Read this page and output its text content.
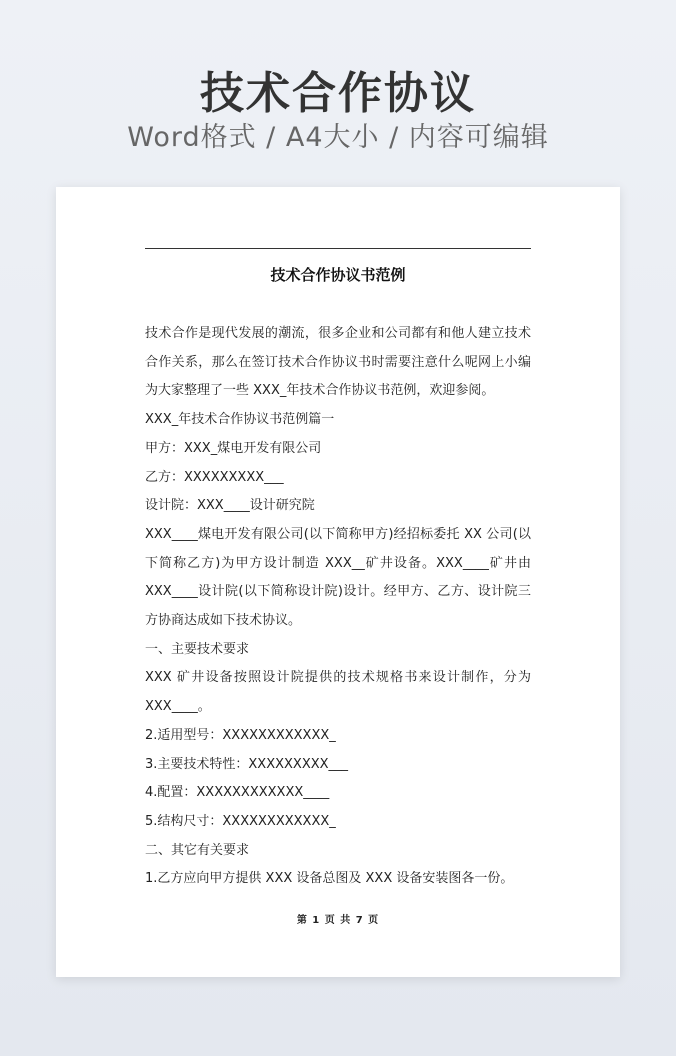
技术合作协议
Word格式 / A4大小 / 内容可编辑
技术合作协议书范例

技术合作是现代发展的潮流，很多企业和公司都有和他人建立技术合作关系，那么在签订技术合作协议书时需要注意什么呢网上小编为大家整理了一些 XXX_年技术合作协议书范例，欢迎参阅。

XXX_年技术合作协议书范例篇一

甲方：XXX_煤电开发有限公司

乙方：XXXXXXXXX___

设计院：XXX____设计研究院

XXX____煤电开发有限公司(以下简称甲方)经招标委托 XX 公司(以下简称乙方)为甲方设计制造 XXX__矿井设备。XXX____矿井由 XXX____设计院(以下简称设计院)设计。经甲方、乙方、设计院三方协商达成如下技术协议。

一、主要技术要求

XXX 矿井设备按照设计院提供的技术规格书来设计制作，分为 XXX____。

2.适用型号：XXXXXXXXXXXX_

3.主要技术特性：XXXXXXXXX___

4.配置：XXXXXXXXXXXX____

5.结构尺寸：XXXXXXXXXXXX_

二、其它有关要求

1.乙方应向甲方提供 XXX 设备总图及 XXX 设备安装图各一份。

第 1 页 共 7 页
